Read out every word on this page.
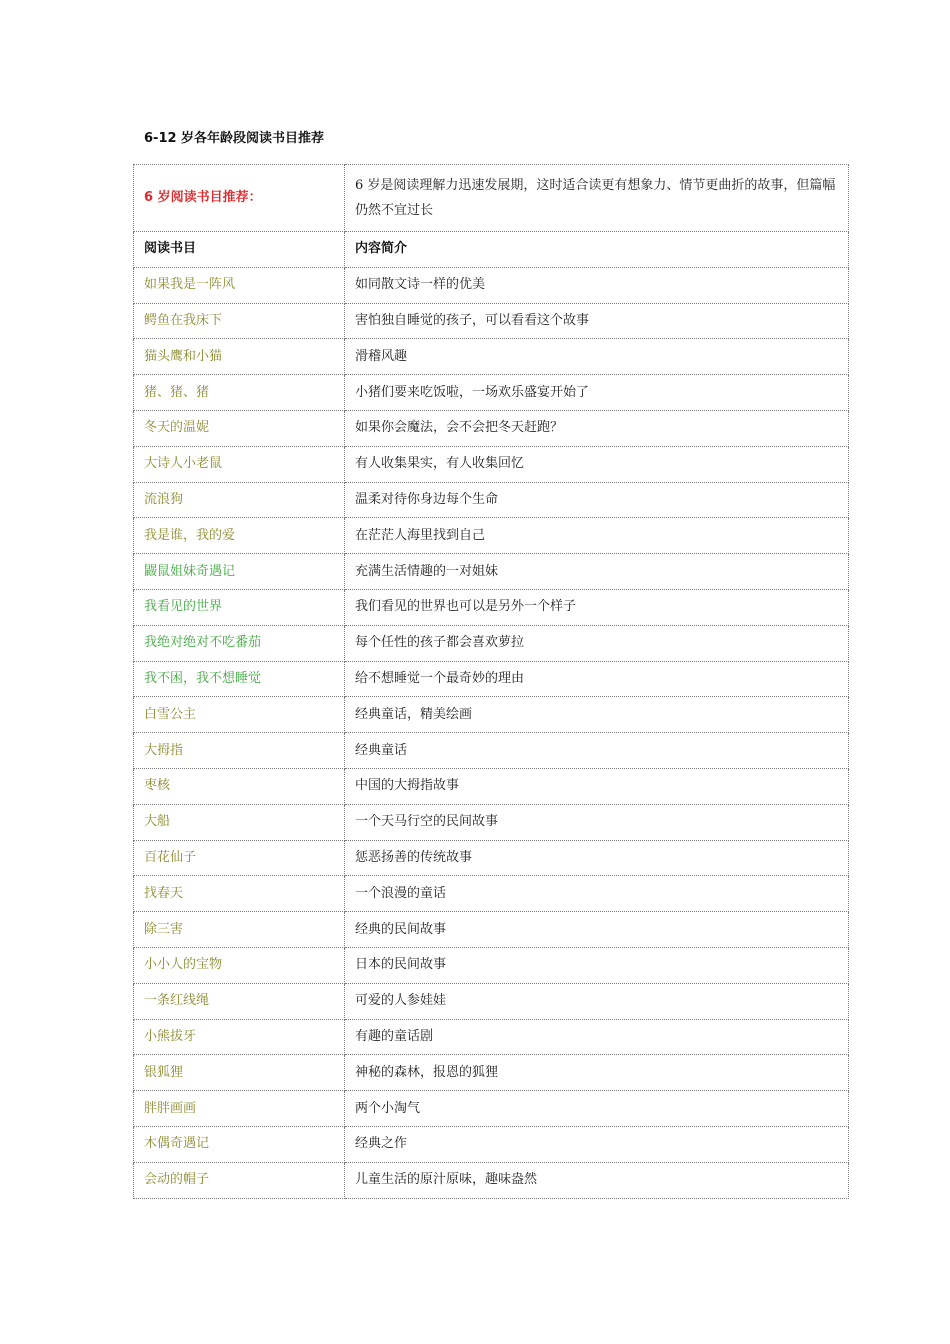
6-12 岁各年龄段阅读书目推荐
6 岁阅读书目推荐：	6 岁是阅读理解力迅速发展期，这时适合读更有想象力、情节更曲折的故事，但篇幅仍然不宜过长
阅读书目	内容简介
如果我是一阵风	如同散文诗一样的优美
鳄鱼在我床下	害怕独自睡觉的孩子，可以看看这个故事
猫头鹰和小猫	滑稽风趣
猪、猪、猪	小猪们要来吃饭啦，一场欢乐盛宴开始了
冬天的温妮	如果你会魔法，会不会把冬天赶跑？
大诗人小老鼠	有人收集果实，有人收集回忆
流浪狗	温柔对待你身边每个生命
我是谁，我的爱	在茫茫人海里找到自己
鼹鼠姐妹奇遇记	充满生活情趣的一对姐妹
我看见的世界	我们看见的世界也可以是另外一个样子
我绝对绝对不吃番茄	每个任性的孩子都会喜欢萝拉
我不困，我不想睡觉	给不想睡觉一个最奇妙的理由
白雪公主	经典童话，精美绘画
大拇指	经典童话
枣核	中国的大拇指故事
大船	一个天马行空的民间故事
百花仙子	惩恶扬善的传统故事
找春天	一个浪漫的童话
除三害	经典的民间故事
小小人的宝物	日本的民间故事
一条红线绳	可爱的人参娃娃
小熊拔牙	有趣的童话剧
银狐狸	神秘的森林，报恩的狐狸
胖胖画画	两个小淘气
木偶奇遇记	经典之作
会动的帽子	儿童生活的原汁原味，趣味盎然
